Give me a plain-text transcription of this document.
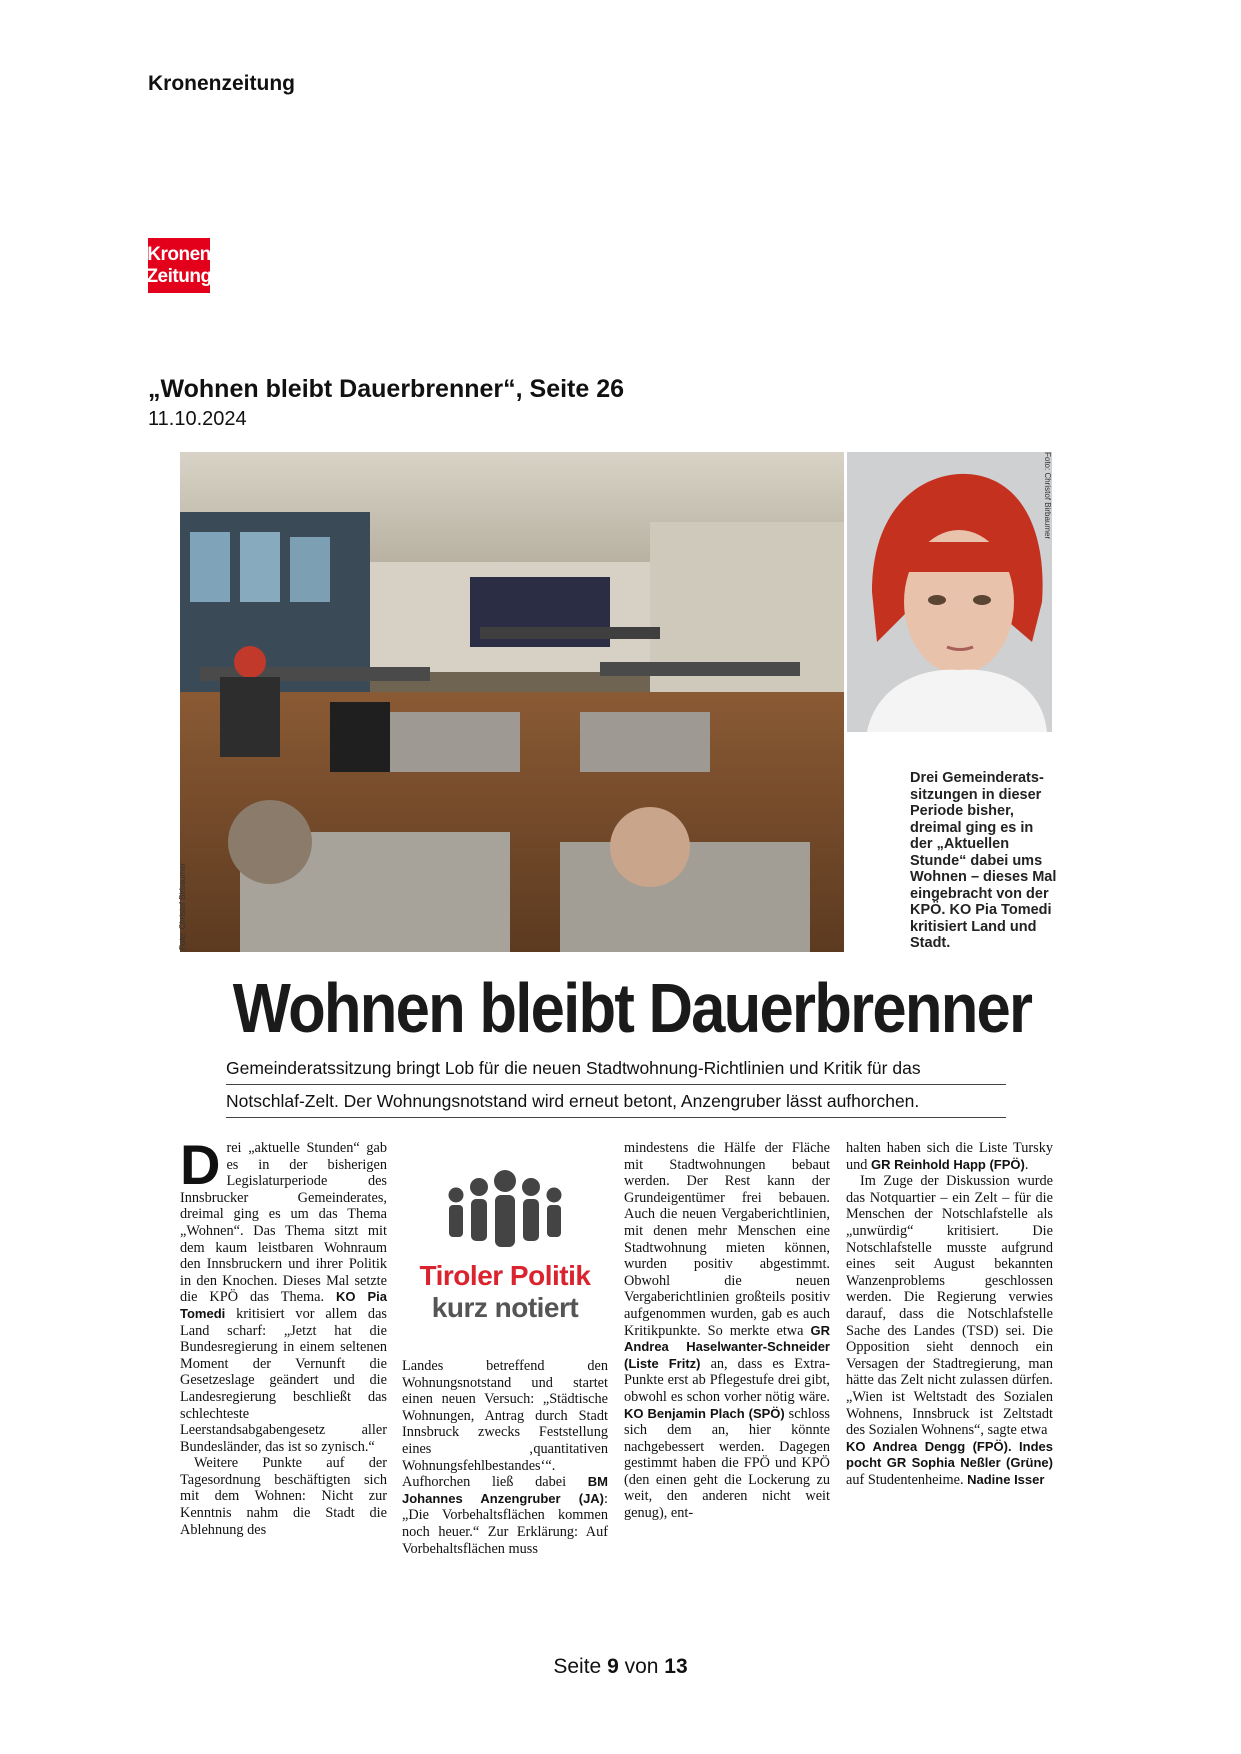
Kronenzeitung
Kronen
Zeitung
„Wohnen bleibt Dauerbrenner“, Seite 26
11.10.2024
Foto: Christof Birbaumer
Foto: Christof Birbaumer
Drei Gemeinderats-sitzungen in dieser Periode bisher, dreimal ging es in der „Aktuellen Stunde“ dabei ums Wohnen – dieses Mal eingebracht von der KPÖ. KO Pia Tomedi kritisiert Land und Stadt.
Wohnen bleibt Dauerbrenner
Gemeinderatssitzung bringt Lob für die neuen Stadtwohnung-Richtlinien und Kritik für das
Notschlaf-Zelt. Der Wohnungsnotstand wird erneut betont, Anzengruber lässt aufhorchen.
D rei „aktuelle Stunden“ gab es in der bisherigen Legislaturperiode des Innsbrucker Gemeinderates, dreimal ging es um das Thema „Wohnen“. Das Thema sitzt mit dem kaum leistbaren Wohnraum den Innsbruckern und ihrer Politik in den Knochen. Dieses Mal setzte die KPÖ das Thema. KO Pia Tomedi kritisiert vor allem das Land scharf: „Jetzt hat die Bundesregierung in einem seltenen Moment der Vernunft die Gesetzeslage geändert und die Landesregierung beschließt das schlechteste Leerstandsabgabengesetz aller Bundesländer, das ist so zynisch.“
Weitere Punkte auf der Tagesordnung beschäftigten sich mit dem Wohnen: Nicht zur Kenntnis nahm die Stadt die Ablehnung des
Tiroler Politik
kurz notiert
Landes betreffend den Wohnungsnotstand und startet einen neuen Versuch: „Städtische Wohnungen, Antrag durch Stadt Innsbruck zwecks Feststellung eines ‚quantitativen Wohnungsfehlbestandes‘“. Aufhorchen ließ dabei BM Johannes Anzengruber (JA): „Die Vorbehaltsflächen kommen noch heuer.“ Zur Erklärung: Auf Vorbehaltsflächen muss
mindestens die Hälfe der Fläche mit Stadtwohnungen bebaut werden. Der Rest kann der Grundeigentümer frei bebauen. Auch die neuen Vergaberichtlinien, mit denen mehr Menschen eine Stadtwohnung mieten können, wurden positiv abgestimmt. Obwohl die neuen Vergaberichtlinien großteils positiv aufgenommen wurden, gab es auch Kritikpunkte. So merkte etwa GR Andrea Haselwanter-Schneider (Liste Fritz) an, dass es Extra-Punkte erst ab Pflegestufe drei gibt, obwohl es schon vorher nötig wäre. KO Benjamin Plach (SPÖ) schloss sich dem an, hier könnte nachgebessert werden. Dagegen gestimmt haben die FPÖ und KPÖ (den einen geht die Lockerung zu weit, den anderen nicht weit genug), ent-
halten haben sich die Liste Tursky und GR Reinhold Happ (FPÖ).
Im Zuge der Diskussion wurde das Notquartier – ein Zelt – für die Menschen der Notschlafstelle als „unwürdig“ kritisiert. Die Notschlafstelle musste aufgrund eines seit August bekannten Wanzenproblems geschlossen werden. Die Regierung verwies darauf, dass die Notschlafstelle Sache des Landes (TSD) sei. Die Opposition sieht dennoch ein Versagen der Stadtregierung, man hätte das Zelt nicht zulassen dürfen. „Wien ist Weltstadt des Sozialen Wohnens, Innsbruck ist Zeltstadt des Sozialen Wohnens“, sagte etwa
KO Andrea Dengg (FPÖ). Indes pocht GR Sophia Neßler (Grüne) auf Studentenheime. Nadine Isser
Seite 9 von 13
